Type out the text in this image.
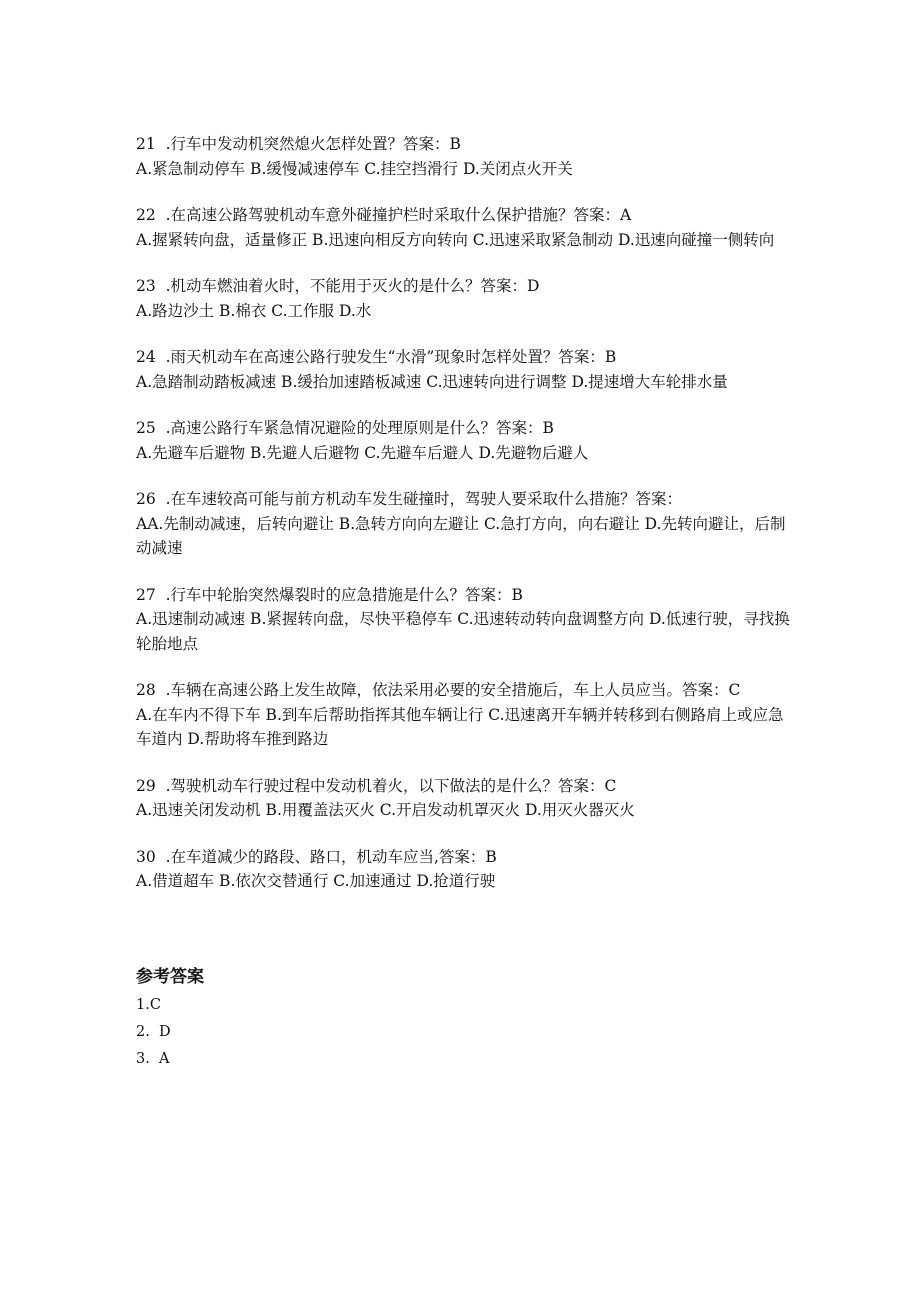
21  .行车中发动机突然熄火怎样处置？答案：B

A.紧急制动停车 B.缓慢减速停车 C.挂空挡滑行 D.关闭点火开关

22  .在高速公路驾驶机动车意外碰撞护栏时采取什么保护措施？答案：A

A.握紧转向盘，适量修正 B.迅速向相反方向转向 C.迅速采取紧急制动 D.迅速向碰撞一侧转向

23  .机动车燃油着火时，不能用于灭火的是什么？答案：D

A.路边沙土 B.棉衣 C.工作服 D.水

24  .雨天机动车在高速公路行驶发生“水滑”现象时怎样处置？答案：B

A.急踏制动踏板减速 B.缓抬加速踏板减速 C.迅速转向进行调整 D.提速增大车轮排水量

25  .高速公路行车紧急情况避险的处理原则是什么？答案：B

A.先避车后避物 B.先避人后避物 C.先避车后避人 D.先避物后避人

26  .在车速较高可能与前方机动车发生碰撞时，驾驶人要采取什么措施？答案：

AA.先制动减速，后转向避让 B.急转方向向左避让 C.急打方向，向右避让 D.先转向避让，后制动减速

27  .行车中轮胎突然爆裂时的应急措施是什么？答案：B

A.迅速制动减速 B.紧握转向盘，尽快平稳停车 C.迅速转动转向盘调整方向 D.低速行驶，寻找换轮胎地点

28  .车辆在高速公路上发生故障，依法采用必要的安全措施后，车上人员应当。答案：C

A.在车内不得下车 B.到车后帮助指挥其他车辆让行 C.迅速离开车辆并转移到右侧路肩上或应急车道内 D.帮助将车推到路边

29  .驾驶机动车行驶过程中发动机着火，以下做法的是什么？答案：C

A.迅速关闭发动机 B.用覆盖法灭火 C.开启发动机罩灭火 D.用灭火器灭火

30  .在车道减少的路段、路口，机动车应当,答案：B

A.借道超车 B.依次交替通行 C.加速通过 D.抢道行驶

参考答案

1.C

2.  D

3.  A
